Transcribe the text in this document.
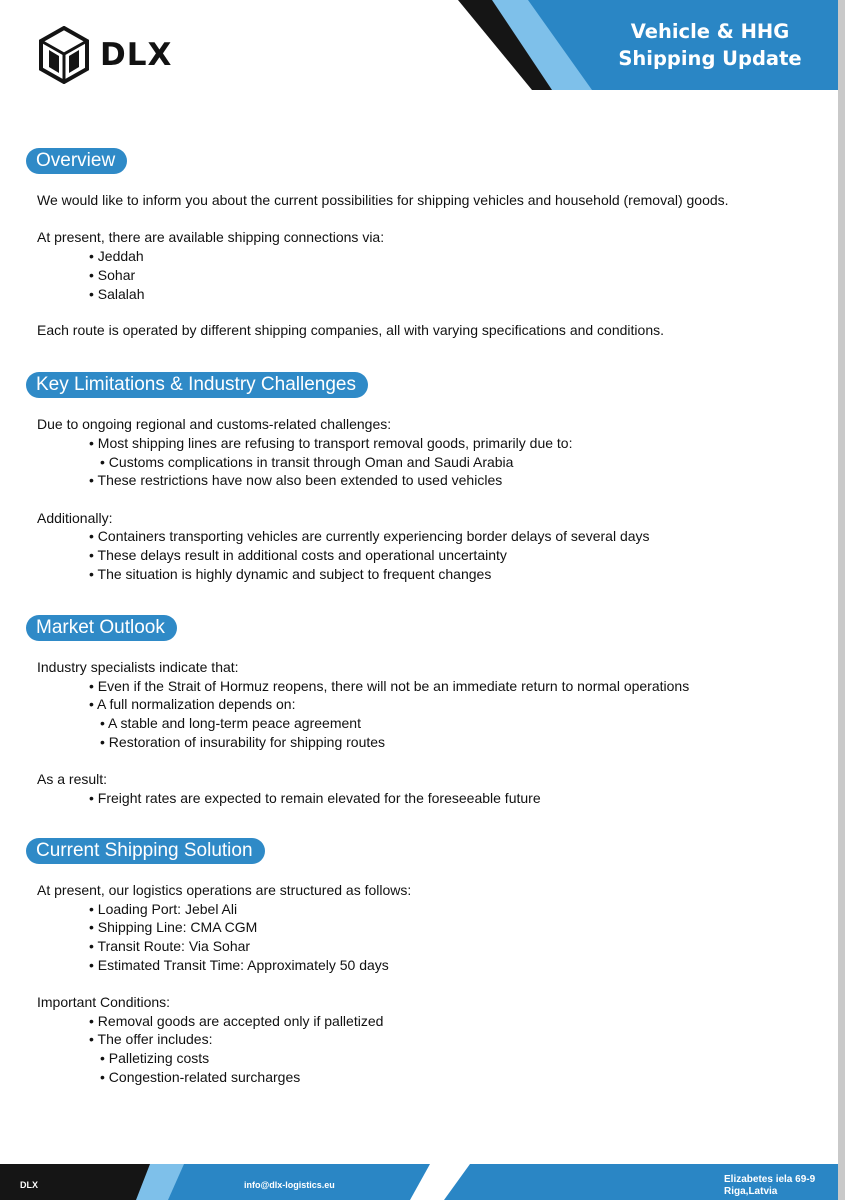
DLX
Vehicle & HHG
Shipping Update
Overview
We would like to inform you about the current possibilities for shipping vehicles and household (removal) goods.
At present, there are available shipping connections via:
• Jeddah
• Sohar
• Salalah
Each route is operated by different shipping companies, all with varying specifications and conditions.
Key Limitations & Industry Challenges
Due to ongoing regional and customs-related challenges:
• Most shipping lines are refusing to transport removal goods, primarily due to:
• Customs complications in transit through Oman and Saudi Arabia
• These restrictions have now also been extended to used vehicles
Additionally:
• Containers transporting vehicles are currently experiencing border delays of several days
• These delays result in additional costs and operational uncertainty
• The situation is highly dynamic and subject to frequent changes
Market Outlook
Industry specialists indicate that:
• Even if the Strait of Hormuz reopens, there will not be an immediate return to normal operations
• A full normalization depends on:
• A stable and long-term peace agreement
• Restoration of insurability for shipping routes
As a result:
• Freight rates are expected to remain elevated for the foreseeable future
Current Shipping Solution
At present, our logistics operations are structured as follows:
• Loading Port: Jebel Ali
• Shipping Line: CMA CGM
• Transit Route: Via Sohar
• Estimated Transit Time: Approximately 50 days
Important Conditions:
• Removal goods are accepted only if palletized
• The offer includes:
• Palletizing costs
• Congestion-related surcharges
DLX	info@dlx-logistics.eu	Elizabetes iela 69-9
Riga,Latvia
